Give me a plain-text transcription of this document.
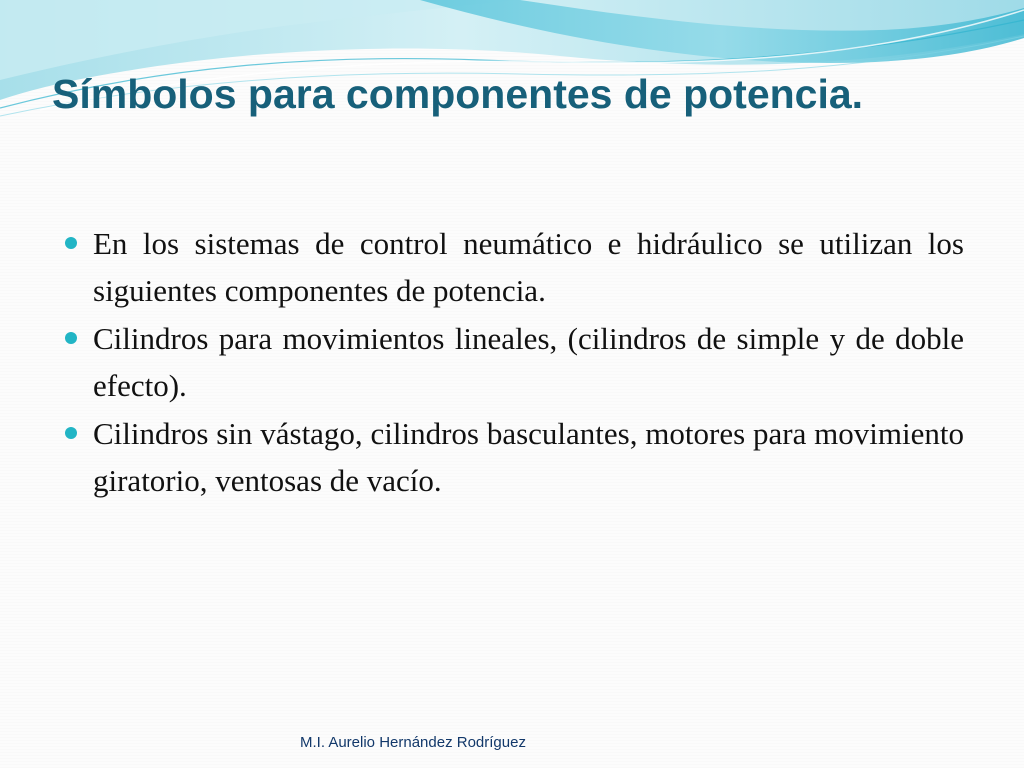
Símbolos para componentes de potencia.
En los sistemas de control neumático e hidráulico se utilizan los siguientes componentes de potencia.
Cilindros para movimientos lineales, (cilindros de simple y de doble efecto).
Cilindros sin vástago, cilindros basculantes, motores para movimiento giratorio, ventosas de vacío.
M.I. Aurelio Hernández Rodríguez
